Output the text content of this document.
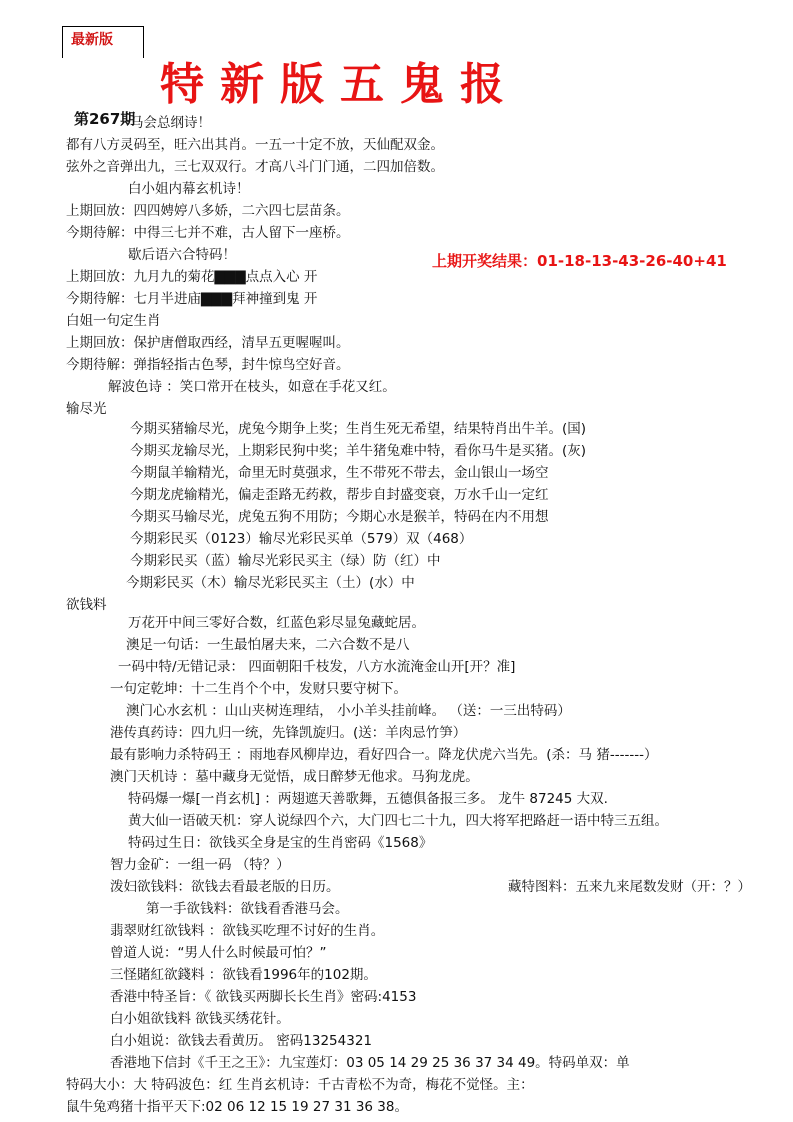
最新版
特新版五鬼报
第267期
上期开奖结果：01-18-13-43-26-40+41
马会总纲诗！
都有八方灵码至，旺六出其肖。一五一十定不放，天仙配双金。
弦外之音弹出九，三七双双行。才高八斗门门通，二四加倍数。
白小姐内幕玄机诗！
上期回放：四四娉婷八多娇，二六四七层苗条。
今期待解：中得三七并不难，古人留下一座桥。
歇后语六合特码！
上期回放：九月九的菊花▇▇▇点点入心 开
今期待解：七月半进庙▇▇▇拜神撞到鬼 开
白姐一句定生肖
上期回放：保护唐僧取西经，清早五更喔喔叫。
今期待解：弹指轻指古色琴，封牛惊鸟空好音。
解波色诗 ：笑口常开在枝头，如意在手花又红。
输尽光
今期买猪输尽光，虎兔今期争上奖；生肖生死无希望，结果特肖出牛羊。(国)
今期买龙输尽光，上期彩民狗中奖；羊牛猪兔难中特，看你马牛是买猪。(灰)
今期鼠羊输精光，命里无时莫强求，生不带死不带去，金山银山一场空
今期龙虎输精光，偏走歪路无药救，帮步自封盛变衰，万水千山一定红
今期买马输尽光，虎兔五狗不用防；今期心水是猴羊，特码在内不用想
今期彩民买（0123）输尽光彩民买单（579）双（468）
今期彩民买（蓝）输尽光彩民买主（绿）防（红）中
今期彩民买（木）输尽光彩民买主（土）(水）中
欲钱料
万花开中间三零好合数，红蓝色彩尽显兔藏蛇居。
澳足一句话：一生最怕屠夫来，二六合数不是八
一码中特/无错记录： 四面朝阳千枝发，八方水流淹金山开[开？准]
一句定乾坤：十二生肖个个中，发财只要守树下。
澳门心水玄机 ：山山夹树连理结， 小小羊头挂前峰。 （送：一三出特码）
港传真药诗：四九归一统，先锋凯旋归。(送：羊肉忌竹笋）
最有影响力杀特码王 ：雨地春风柳岸边，看好四合一。降龙伏虎六当先。(杀：马 猪-------）
澳门天机诗 ：墓中藏身无觉悟，成日醉梦无他求。马狗龙虎。
特码爆一爆[一肖玄机] ：两翅遮天善歌舞，五德俱备报三多。 龙牛 87245 大双.
黄大仙一语破天机：穿人说绿四个六，大门四七二十九，四大将军把路赶一语中特三五组。
特码过生日：欲钱买全身是宝的生肖密码《1568》
智力金矿：一组一码 （特？）
泼妇欲钱料：欲钱去看最老版的日历。	藏特图料：五来九来尾数发财（开：？）
第一手欲钱料：欲钱看香港马会。
翡翠财红欲钱料 ：欲钱买吃理不讨好的生肖。
曾道人说：“男人什么时候最可怕？”
三怪賭紅欲錢料 ：欲钱看1996年的102期。
香港中特圣旨：《 欲钱买两脚长长生肖》密码:4153
白小姐欲钱料 欲钱买绣花针。
白小姐说：欲钱去看黄历。 密码13254321
香港地下信封《千王之王》：九宝莲灯：03 05 14 29 25 36 37 34 49。特码单双：单
特码大小：大 特码波色：红 生肖玄机诗：千古青松不为奇，梅花不觉怪。主：
鼠牛兔鸡猪十指平天下:02 06 12 15 19 27 31 36 38。
